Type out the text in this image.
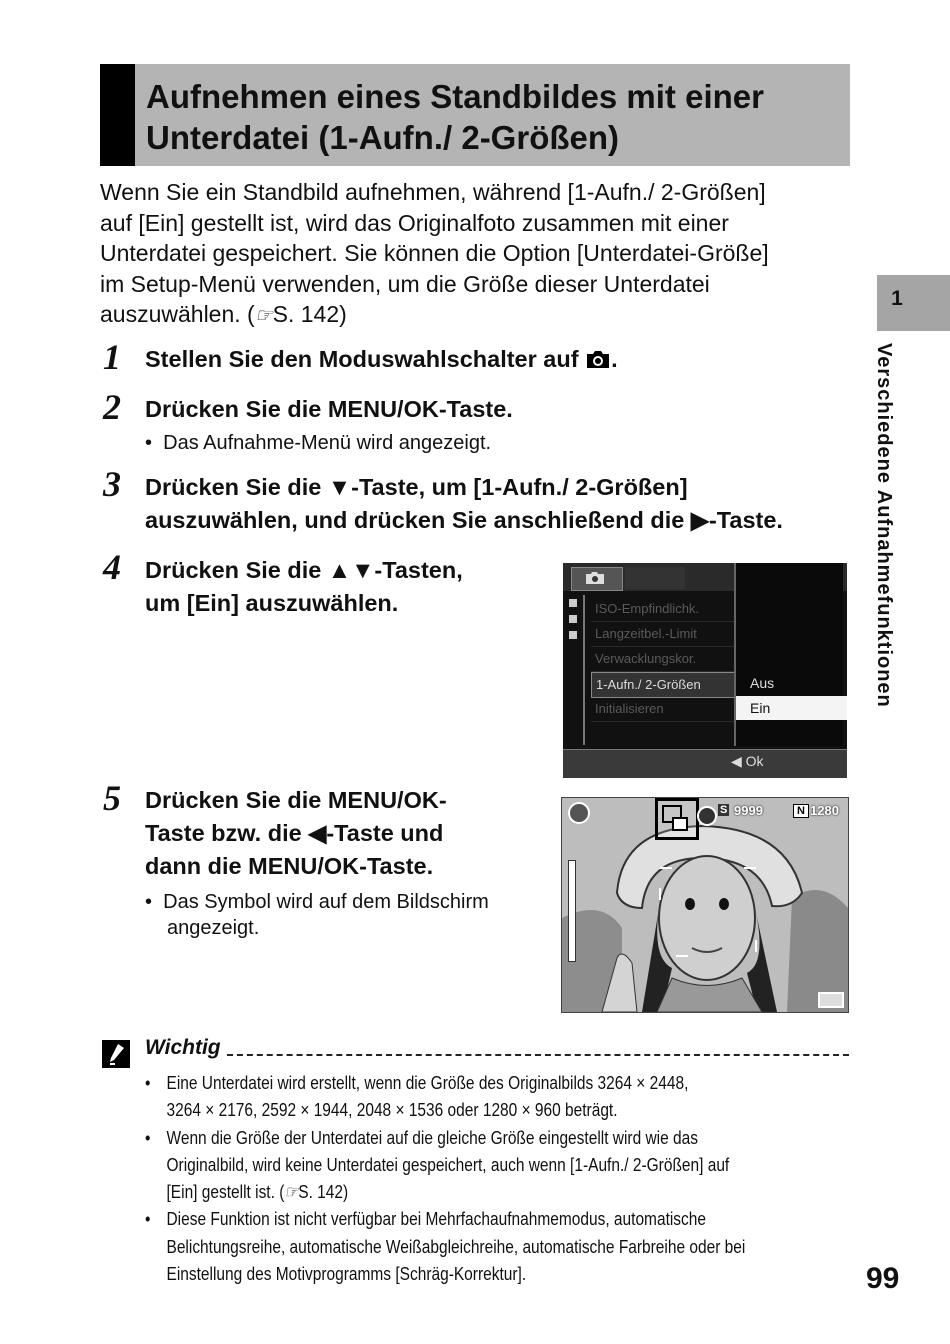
Aufnehmen eines Standbildes mit einer Unterdatei (1-Aufn./ 2-Größen)
Wenn Sie ein Standbild aufnehmen, während [1-Aufn./ 2-Größen]
auf [Ein] gestellt ist, wird das Originalfoto zusammen mit einer
Unterdatei gespeichert. Sie können die Option [Unterdatei-Größe]
im Setup-Menü verwenden, um die Größe dieser Unterdatei
auszuwählen. (☞S. 142)
1
Verschiedene Aufnahmefunktionen
1 Stellen Sie den Moduswahlschalter auf .
2 Drücken Sie die MENU/OK-Taste.
•  Das Aufnahme-Menü wird angezeigt.
3 Drücken Sie die ▼-Taste, um [1-Aufn./ 2-Größen]
auszuwählen, und drücken Sie anschließend die ▶-Taste.
4 Drücken Sie die ▲▼-Tasten,
um [Ein] auszuwählen.	ISO-Empfindlichk.
Langzeitbel.-Limit
Verwacklungskor.
1-Aufn./ 2-Größen
Initialisieren
Aus
Ein
◀ Ok
5 Drücken Sie die MENU/OK-
Taste bzw. die ◀-Taste und
dann die MENU/OK-Taste.
•  Das Symbol wird auf dem Bildschirm
angezeigt.
S 9999	N 1280
Wichtig
• Eine Unterdatei wird erstellt, wenn die Größe des Originalbilds 3264 × 2448,
3264 × 2176, 2592 × 1944, 2048 × 1536 oder 1280 × 960 beträgt.
• Wenn die Größe der Unterdatei auf die gleiche Größe eingestellt wird wie das
Originalbild, wird keine Unterdatei gespeichert, auch wenn [1-Aufn./ 2-Größen] auf
[Ein] gestellt ist. (☞S. 142)
• Diese Funktion ist nicht verfügbar bei Mehrfachaufnahmemodus, automatische
Belichtungsreihe, automatische Weißabgleichreihe, automatische Farbreihe oder bei
Einstellung des Motivprogramms [Schräg-Korrektur].	99
